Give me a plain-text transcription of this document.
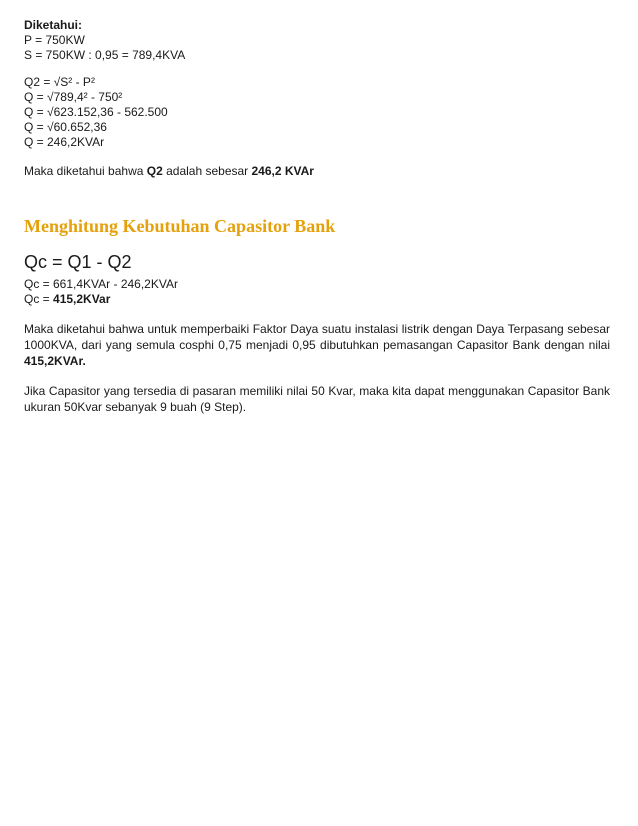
Diketahui:

P = 750KW

S = 750KW : 0,95 = 789,4KVA

Q2 = √S² - P²

Q = √789,4² - 750²

Q = √623.152,36 - 562.500

Q = √60.652,36

Q = 246,2KVAr

Maka diketahui bahwa Q2 adalah sebesar 246,2 KVAr

Menghitung Kebutuhan Capasitor Bank

Qc = Q1 - Q2

Qc = 661,4KVAr - 246,2KVAr

Qc = 415,2KVar

Maka diketahui bahwa untuk memperbaiki Faktor Daya suatu instalasi listrik dengan Daya Terpasang sebesar 1000KVA, dari yang semula cosphi 0,75 menjadi 0,95 dibutuhkan pemasangan Capasitor Bank dengan nilai 415,2KVAr.

Jika Capasitor yang tersedia di pasaran memiliki nilai 50 Kvar, maka kita dapat menggunakan Capasitor Bank ukuran 50Kvar sebanyak 9 buah (9 Step).
